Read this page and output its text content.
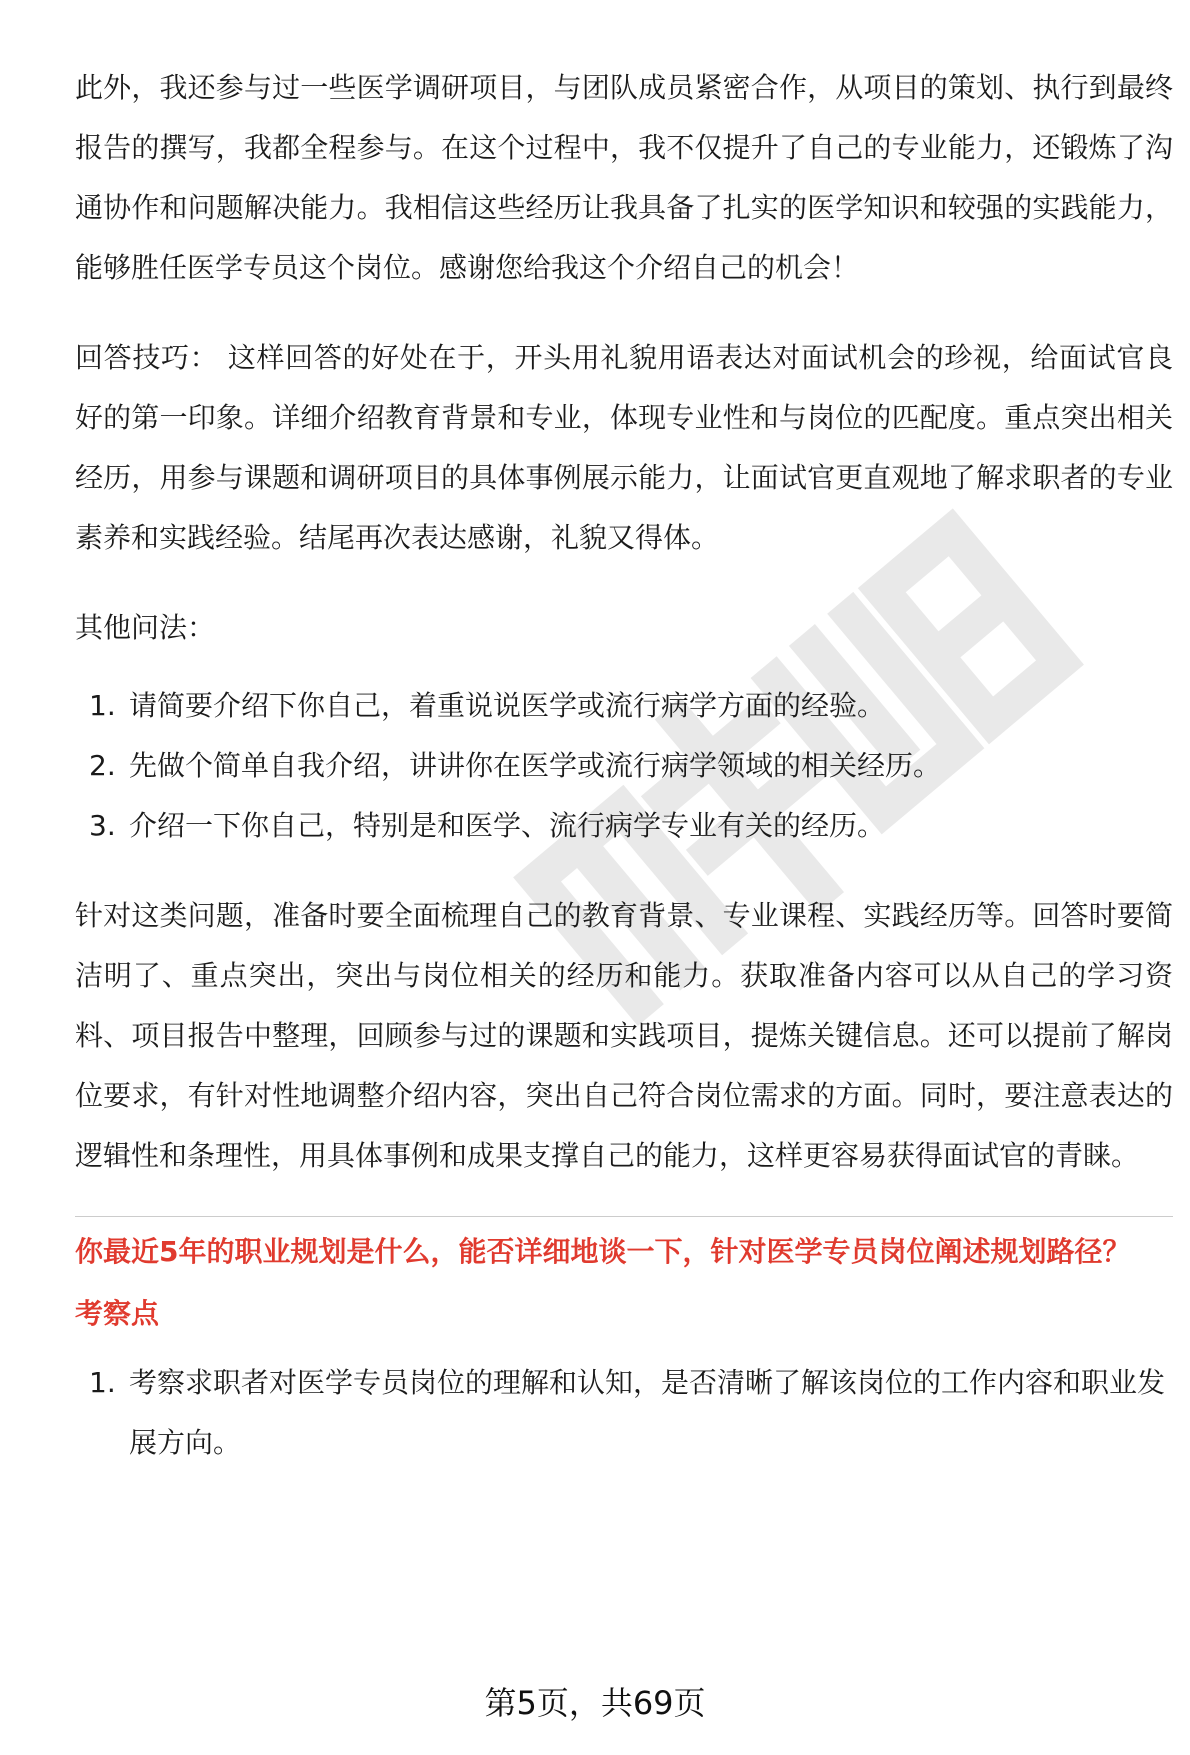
此外，我还参与过一些医学调研项目，与团队成员紧密合作，从项目的策划、执行到最终报告的撰写，我都全程参与。在这个过程中，我不仅提升了自己的专业能力，还锻炼了沟通协作和问题解决能力。我相信这些经历让我具备了扎实的医学知识和较强的实践能力，能够胜任医学专员这个岗位。感谢您给我这个介绍自己的机会！

回答技巧： 这样回答的好处在于，开头用礼貌用语表达对面试机会的珍视，给面试官良好的第一印象。详细介绍教育背景和专业，体现专业性和与岗位的匹配度。重点突出相关经历，用参与课题和调研项目的具体事例展示能力，让面试官更直观地了解求职者的专业素养和实践经验。结尾再次表达感谢，礼貌又得体。

其他问法：

1. 请简要介绍下你自己，着重说说医学或流行病学方面的经验。
2. 先做个简单自我介绍，讲讲你在医学或流行病学领域的相关经历。
3. 介绍一下你自己，特别是和医学、流行病学专业有关的经历。

针对这类问题，准备时要全面梳理自己的教育背景、专业课程、实践经历等。回答时要简洁明了、重点突出，突出与岗位相关的经历和能力。获取准备内容可以从自己的学习资料、项目报告中整理，回顾参与过的课题和实践项目，提炼关键信息。还可以提前了解岗位要求，有针对性地调整介绍内容，突出自己符合岗位需求的方面。同时，要注意表达的逻辑性和条理性，用具体事例和成果支撑自己的能力，这样更容易获得面试官的青睐。

你最近5年的职业规划是什么，能否详细地谈一下，针对医学专员岗位阐述规划路径？
考察点
1. 考察求职者对医学专员岗位的理解和认知，是否清晰了解该岗位的工作内容和职业发展方向。
第5页，共69页
